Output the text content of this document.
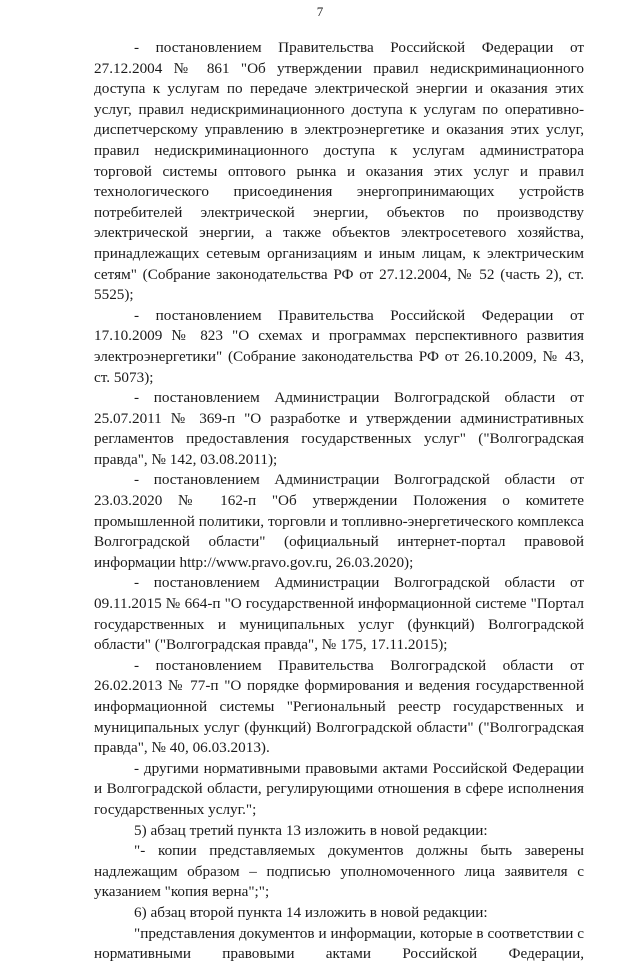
7

- постановлением Правительства Российской Федерации от 27.12.2004 № 861 "Об утверждении правил недискриминационного доступа к услугам по передаче электрической энергии и оказания этих услуг, правил недискриминационного доступа к услугам по оперативно-диспетчерскому управлению в электроэнергетике и оказания этих услуг, правил недискриминационного доступа к услугам администратора торговой системы оптового рынка и оказания этих услуг и правил технологического присоединения энергопринимающих устройств потребителей электрической энергии, объектов по производству электрической энергии, а также объектов электросетевого хозяйства, принадлежащих сетевым организациям и иным лицам, к электрическим сетям" (Собрание законодательства РФ от 27.12.2004, № 52 (часть 2), ст. 5525);

- постановлением Правительства Российской Федерации от 17.10.2009 № 823 "О схемах и программах перспективного развития электроэнергетики" (Собрание законодательства РФ от 26.10.2009, № 43, ст. 5073);

- постановлением Администрации Волгоградской области от 25.07.2011 № 369-п "О разработке и утверждении административных регламентов предоставления государственных услуг" ("Волгоградская правда", № 142, 03.08.2011);

- постановлением Администрации Волгоградской области от 23.03.2020 № 162-п "Об утверждении Положения о комитете промышленной политики, торговли и топливно-энергетического комплекса Волгоградской области" (официальный интернет-портал правовой информации http://www.pravo.gov.ru, 26.03.2020);

- постановлением Администрации Волгоградской области от 09.11.2015 № 664-п "О государственной информационной системе "Портал государственных и муниципальных услуг (функций) Волгоградской области" ("Волгоградская правда", № 175, 17.11.2015);

- постановлением Правительства Волгоградской области от 26.02.2013 № 77-п "О порядке формирования и ведения государственной информационной системы "Региональный реестр государственных и муниципальных услуг (функций) Волгоградской области" ("Волгоградская правда", № 40, 06.03.2013).

- другими нормативными правовыми актами Российской Федерации и Волгоградской области, регулирующими отношения в сфере исполнения государственных услуг.";

5) абзац третий пункта 13 изложить в новой редакции:

"- копии представляемых документов должны быть заверены надлежащим образом – подписью уполномоченного лица заявителя с указанием "копия верна";";

6) абзац второй пункта 14 изложить в новой редакции:

"представления документов и информации, которые в соответствии с нормативными правовыми актами Российской Федерации,
